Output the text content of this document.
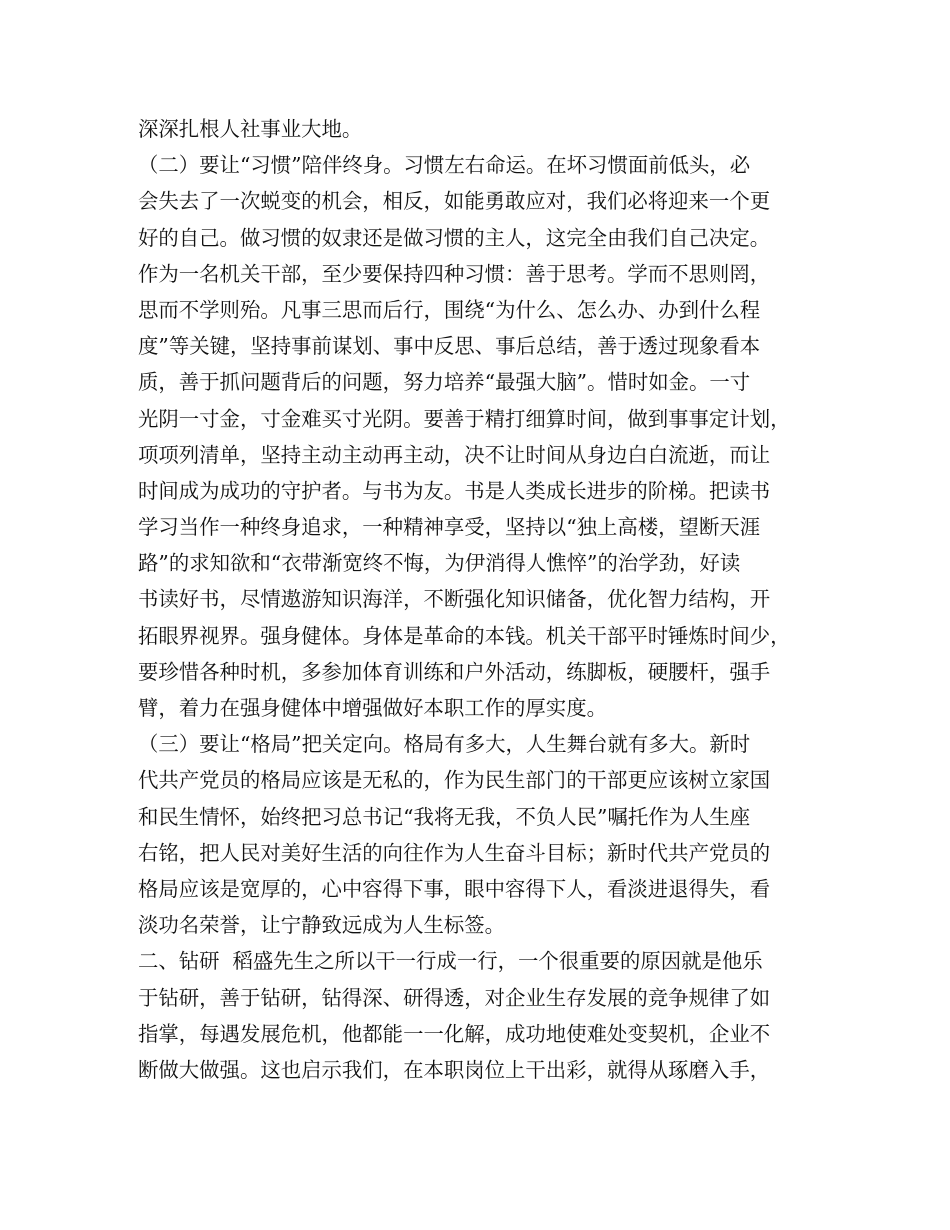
深深扎根人社事业大地。
（二）要让“习惯”陪伴终身。习惯左右命运。在坏习惯面前低头，必
会失去了一次蜕变的机会，相反，如能勇敢应对，我们必将迎来一个更
好的自己。做习惯的奴隶还是做习惯的主人，这完全由我们自己决定。
作为一名机关干部，至少要保持四种习惯：善于思考。学而不思则罔，
思而不学则殆。凡事三思而后行，围绕“为什么、怎么办、办到什么程
度”等关键，坚持事前谋划、事中反思、事后总结，善于透过现象看本
质，善于抓问题背后的问题，努力培养“最强大脑”。惜时如金。一寸
光阴一寸金，寸金难买寸光阴。要善于精打细算时间，做到事事定计划，
项项列清单，坚持主动主动再主动，决不让时间从身边白白流逝，而让
时间成为成功的守护者。与书为友。书是人类成长进步的阶梯。把读书
学习当作一种终身追求，一种精神享受，坚持以“独上高楼，望断天涯
路”的求知欲和“衣带渐宽终不悔，为伊消得人憔悴”的治学劲，好读
书读好书，尽情遨游知识海洋，不断强化知识储备，优化智力结构，开
拓眼界视界。强身健体。身体是革命的本钱。机关干部平时锤炼时间少，
要珍惜各种时机，多参加体育训练和户外活动，练脚板，硬腰杆，强手
臂，着力在强身健体中增强做好本职工作的厚实度。
（三）要让“格局”把关定向。格局有多大，人生舞台就有多大。新时
代共产党员的格局应该是无私的，作为民生部门的干部更应该树立家国
和民生情怀，始终把习总书记“我将无我，不负人民”嘱托作为人生座
右铭，把人民对美好生活的向往作为人生奋斗目标；新时代共产党员的
格局应该是宽厚的，心中容得下事，眼中容得下人，看淡进退得失，看
淡功名荣誉，让宁静致远成为人生标签。
二、钻研  稻盛先生之所以干一行成一行，一个很重要的原因就是他乐
于钻研，善于钻研，钻得深、研得透，对企业生存发展的竞争规律了如
指掌，每遇发展危机，他都能一一化解，成功地使难处变契机，企业不
断做大做强。这也启示我们，在本职岗位上干出彩，就得从琢磨入手，
